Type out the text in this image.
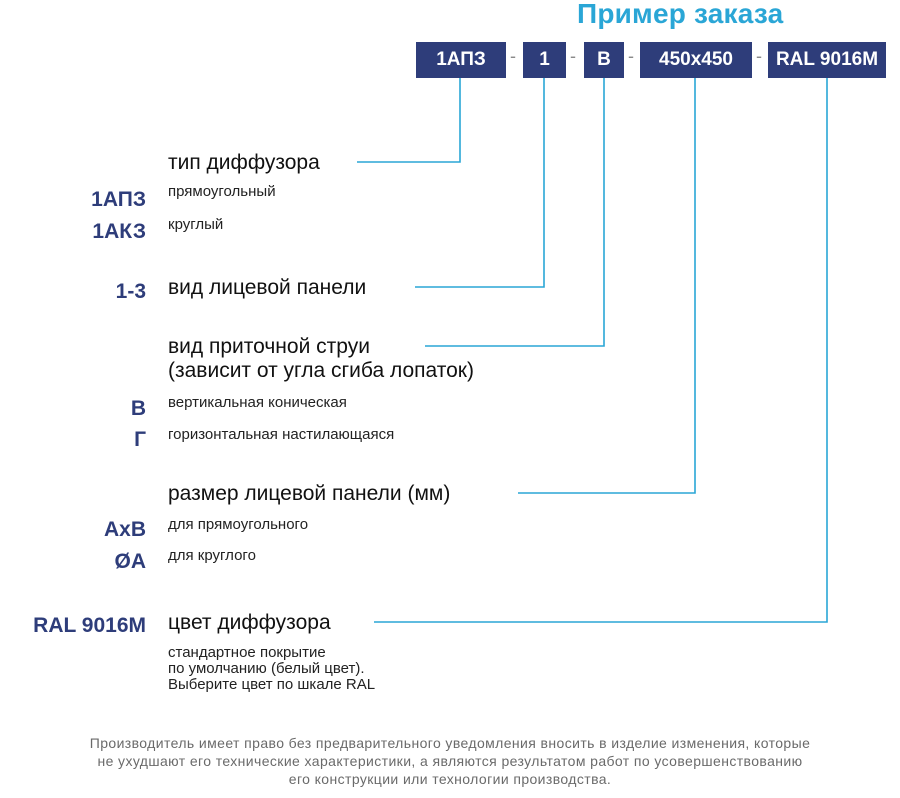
Пример заказа
1АПЗ	-	1	-	В -	450x450	- RAL 9016M
тип диффузора
1АПЗ прямоугольный
1АКЗ круглый
1-3 вид лицевой панели
вид приточной струи
(зависит от угла сгиба лопаток)
В вертикальная коническая
Г горизонтальная настилающаяся
размер лицевой панели (мм)
AxB для прямоугольного
ØA для круглого
RAL 9016M цвет диффузора
стандартное покрытие
по умолчанию (белый цвет).
Выберите цвет по шкале RAL
Производитель имеет право без предварительного уведомления вносить в изделие изменения, которые
не ухудшают его технические характеристики, а являются результатом работ по усовершенствованию
его конструкции или технологии производства.
